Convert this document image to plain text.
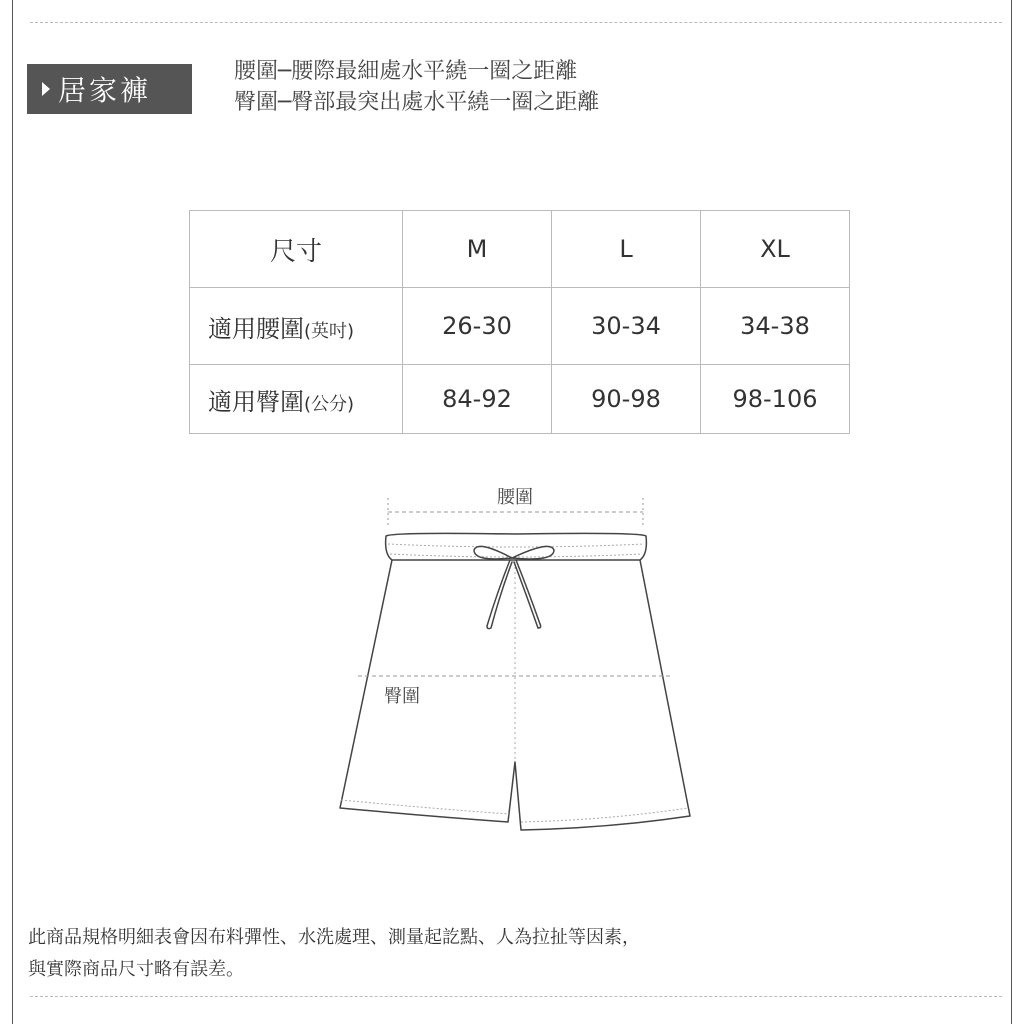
居家褲
腰圍─腰際最細處水平繞一圈之距離
臀圍─臀部最突出處水平繞一圈之距離
尺寸	M	L	XL
適用腰圍(英吋)	26-30	30-34	34-38
適用臀圍(公分)	84-92	90-98	98-106
腰圍
臀圍
此商品規格明細表會因布料彈性、水洗處理、測量起訖點、人為拉扯等因素，
與實際商品尺寸略有誤差。
